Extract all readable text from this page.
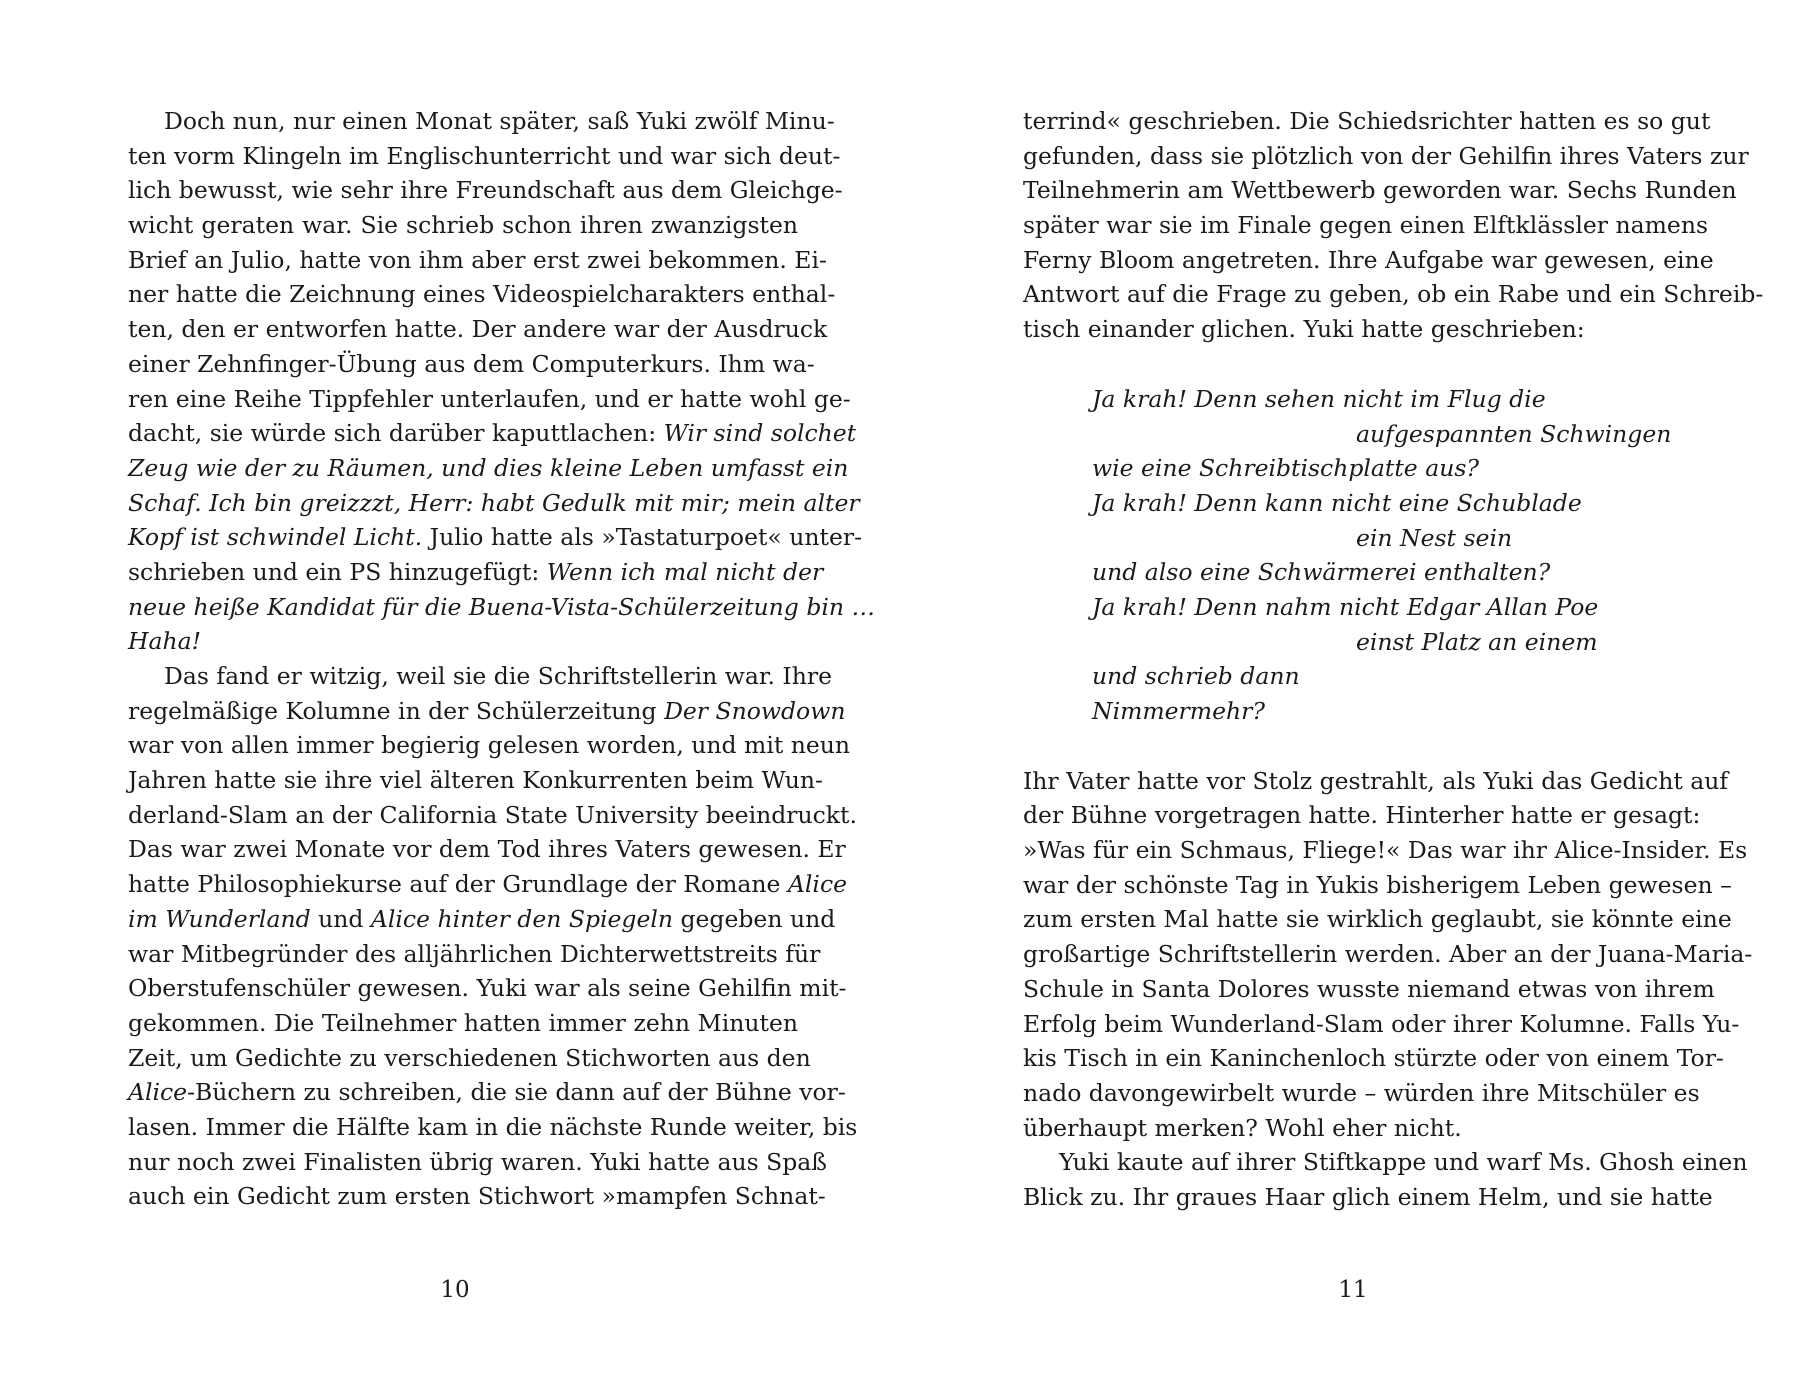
Doch nun, nur einen Monat später, saß Yuki zwölf Minu-
ten vorm Klingeln im Englischunterricht und war sich deut-
lich bewusst, wie sehr ihre Freundschaft aus dem Gleichge-
wicht geraten war. Sie schrieb schon ihren zwanzigsten
Brief an Julio, hatte von ihm aber erst zwei bekommen. Ei-
ner hatte die Zeichnung eines Videospielcharakters enthal-
ten, den er entworfen hatte. Der andere war der Ausdruck
einer Zehnfinger-Übung aus dem Computerkurs. Ihm wa-
ren eine Reihe Tippfehler unterlaufen, und er hatte wohl ge-
dacht, sie würde sich darüber kaputtlachen: Wir sind solchet
Zeug wie der zu Räumen, und dies kleine Leben umfasst ein
Schaf. Ich bin greizzzt, Herr: habt Gedulk mit mir; mein alter
Kopf ist schwindel Licht. Julio hatte als »Tastaturpoet« unter-
schrieben und ein PS hinzugefügt: Wenn ich mal nicht der
neue heiße Kandidat für die Buena-Vista-Schülerzeitung bin …
Haha!
Das fand er witzig, weil sie die Schriftstellerin war. Ihre
regelmäßige Kolumne in der Schülerzeitung Der Snowdown
war von allen immer begierig gelesen worden, und mit neun
Jahren hatte sie ihre viel älteren Konkurrenten beim Wun-
derland-Slam an der California State University beeindruckt.
Das war zwei Monate vor dem Tod ihres Vaters gewesen. Er
hatte Philosophiekurse auf der Grundlage der Romane Alice
im Wunderland und Alice hinter den Spiegeln gegeben und
war Mitbegründer des alljährlichen Dichterwettstreits für
Oberstufenschüler gewesen. Yuki war als seine Gehilfin mit-
gekommen. Die Teilnehmer hatten immer zehn Minuten
Zeit, um Gedichte zu verschiedenen Stichworten aus den
Alice-Büchern zu schreiben, die sie dann auf der Bühne vor-
lasen. Immer die Hälfte kam in die nächste Runde weiter, bis
nur noch zwei Finalisten übrig waren. Yuki hatte aus Spaß
auch ein Gedicht zum ersten Stichwort »mampfen Schnat-
terrind« geschrieben. Die Schiedsrichter hatten es so gut
gefunden, dass sie plötzlich von der Gehilfin ihres Vaters zur
Teilnehmerin am Wettbewerb geworden war. Sechs Runden
später war sie im Finale gegen einen Elftklässler namens
Ferny Bloom angetreten. Ihre Aufgabe war gewesen, eine
Antwort auf die Frage zu geben, ob ein Rabe und ein Schreib-
tisch einander glichen. Yuki hatte geschrieben:
Ja krah! Denn sehen nicht im Flug die
aufgespannten Schwingen
wie eine Schreibtischplatte aus?
Ja krah! Denn kann nicht eine Schublade
ein Nest sein
und also eine Schwärmerei enthalten?
Ja krah! Denn nahm nicht Edgar Allan Poe
einst Platz an einem
und schrieb dann
Nimmermehr?
Ihr Vater hatte vor Stolz gestrahlt, als Yuki das Gedicht auf
der Bühne vorgetragen hatte. Hinterher hatte er gesagt:
»Was für ein Schmaus, Fliege!« Das war ihr Alice-Insider. Es
war der schönste Tag in Yukis bisherigem Leben gewesen –
zum ersten Mal hatte sie wirklich geglaubt, sie könnte eine
großartige Schriftstellerin werden. Aber an der Juana-Maria-
Schule in Santa Dolores wusste niemand etwas von ihrem
Erfolg beim Wunderland-Slam oder ihrer Kolumne. Falls Yu-
kis Tisch in ein Kaninchenloch stürzte oder von einem Tor-
nado davongewirbelt wurde – würden ihre Mitschüler es
überhaupt merken? Wohl eher nicht.
Yuki kaute auf ihrer Stiftkappe und warf Ms. Ghosh einen
Blick zu. Ihr graues Haar glich einem Helm, und sie hatte
10	11
